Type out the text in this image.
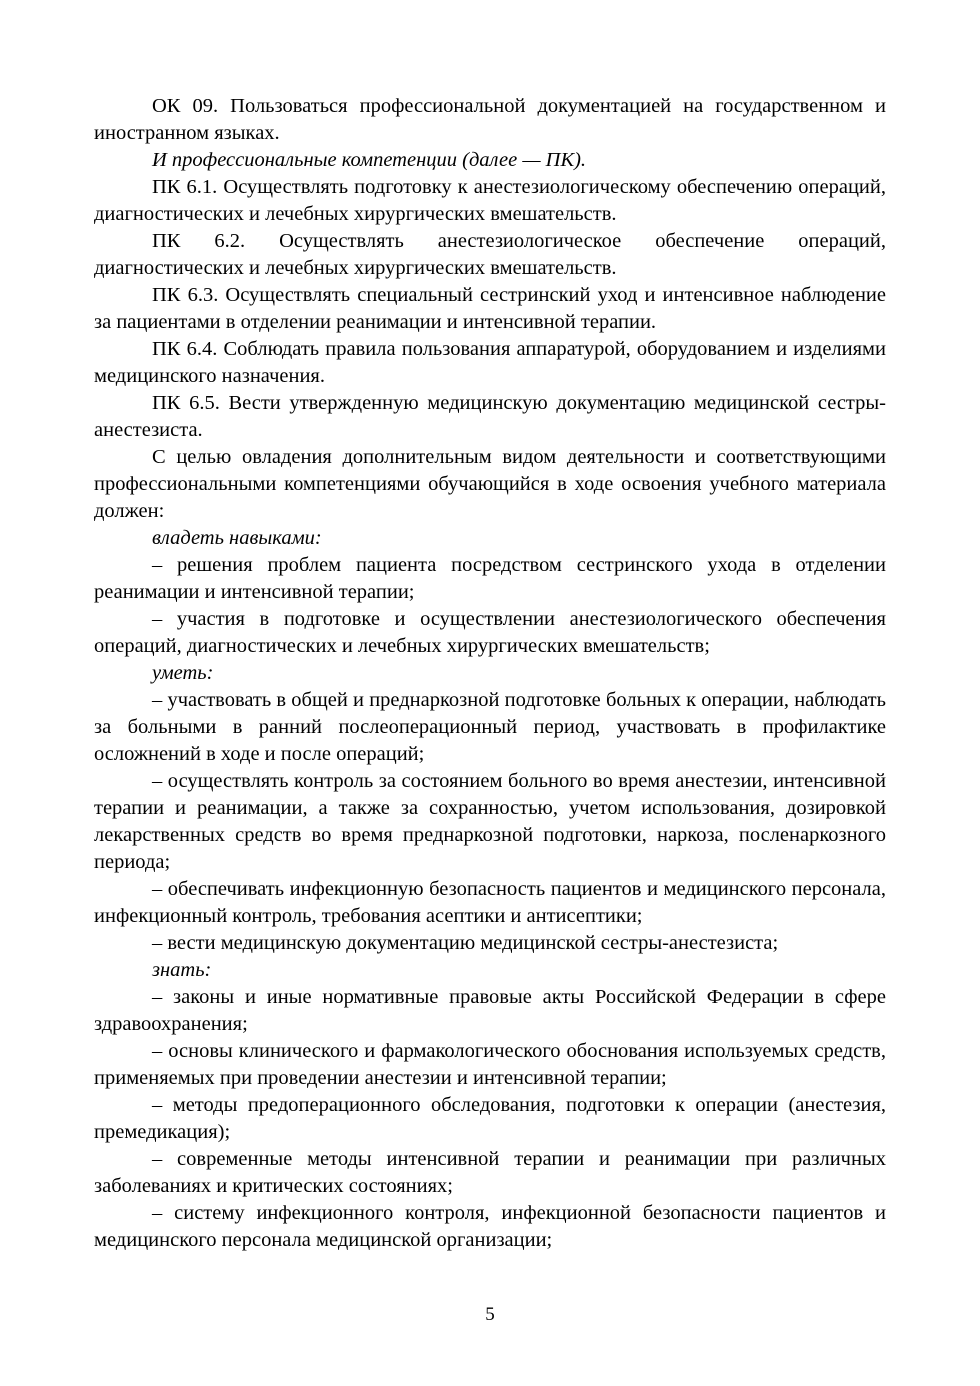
ОК 09. Пользоваться профессиональной документацией на государственном и иностранном языках.

И профессиональные компетенции (далее — ПК).

ПК 6.1. Осуществлять подготовку к анестезиологическому обеспечению операций, диагностических и лечебных хирургических вмешательств.

ПК 6.2. Осуществлять анестезиологическое обеспечение операций, диагностических и лечебных хирургических вмешательств.

ПК 6.3. Осуществлять специальный сестринский уход и интенсивное наблюдение за пациентами в отделении реанимации и интенсивной терапии.

ПК 6.4. Соблюдать правила пользования аппаратурой, оборудованием и изделиями медицинского назначения.

ПК 6.5. Вести утвержденную медицинскую документацию медицинской сестры-анестезиста.

С целью овладения дополнительным видом деятельности и соответствующими профессиональными компетенциями обучающийся в ходе освоения учебного материала должен:

владеть навыками:

– решения проблем пациента посредством сестринского ухода в отделении реанимации и интенсивной терапии;

– участия в подготовке и осуществлении анестезиологического обеспечения операций, диагностических и лечебных хирургических вмешательств;

уметь:

– участвовать в общей и преднаркозной подготовке больных к операции, наблюдать за больными в ранний послеоперационный период, участвовать в профилактике осложнений в ходе и после операций;

– осуществлять контроль за состоянием больного во время анестезии, интенсивной терапии и реанимации, а также за сохранностью, учетом использования, дозировкой лекарственных средств во время преднаркозной подготовки, наркоза, посленаркозного периода;

– обеспечивать инфекционную безопасность пациентов и медицинского персонала, инфекционный контроль, требования асептики и антисептики;

– вести медицинскую документацию медицинской сестры-анестезиста;

знать:

– законы и иные нормативные правовые акты Российской Федерации в сфере здравоохранения;

– основы клинического и фармакологического обоснования используемых средств, применяемых при проведении анестезии и интенсивной терапии;

– методы предоперационного обследования, подготовки к операции (анестезия, премедикация);

– современные методы интенсивной терапии и реанимации при различных заболеваниях и критических состояниях;

– систему инфекционного контроля, инфекционной безопасности пациентов и медицинского персонала медицинской организации;

5
